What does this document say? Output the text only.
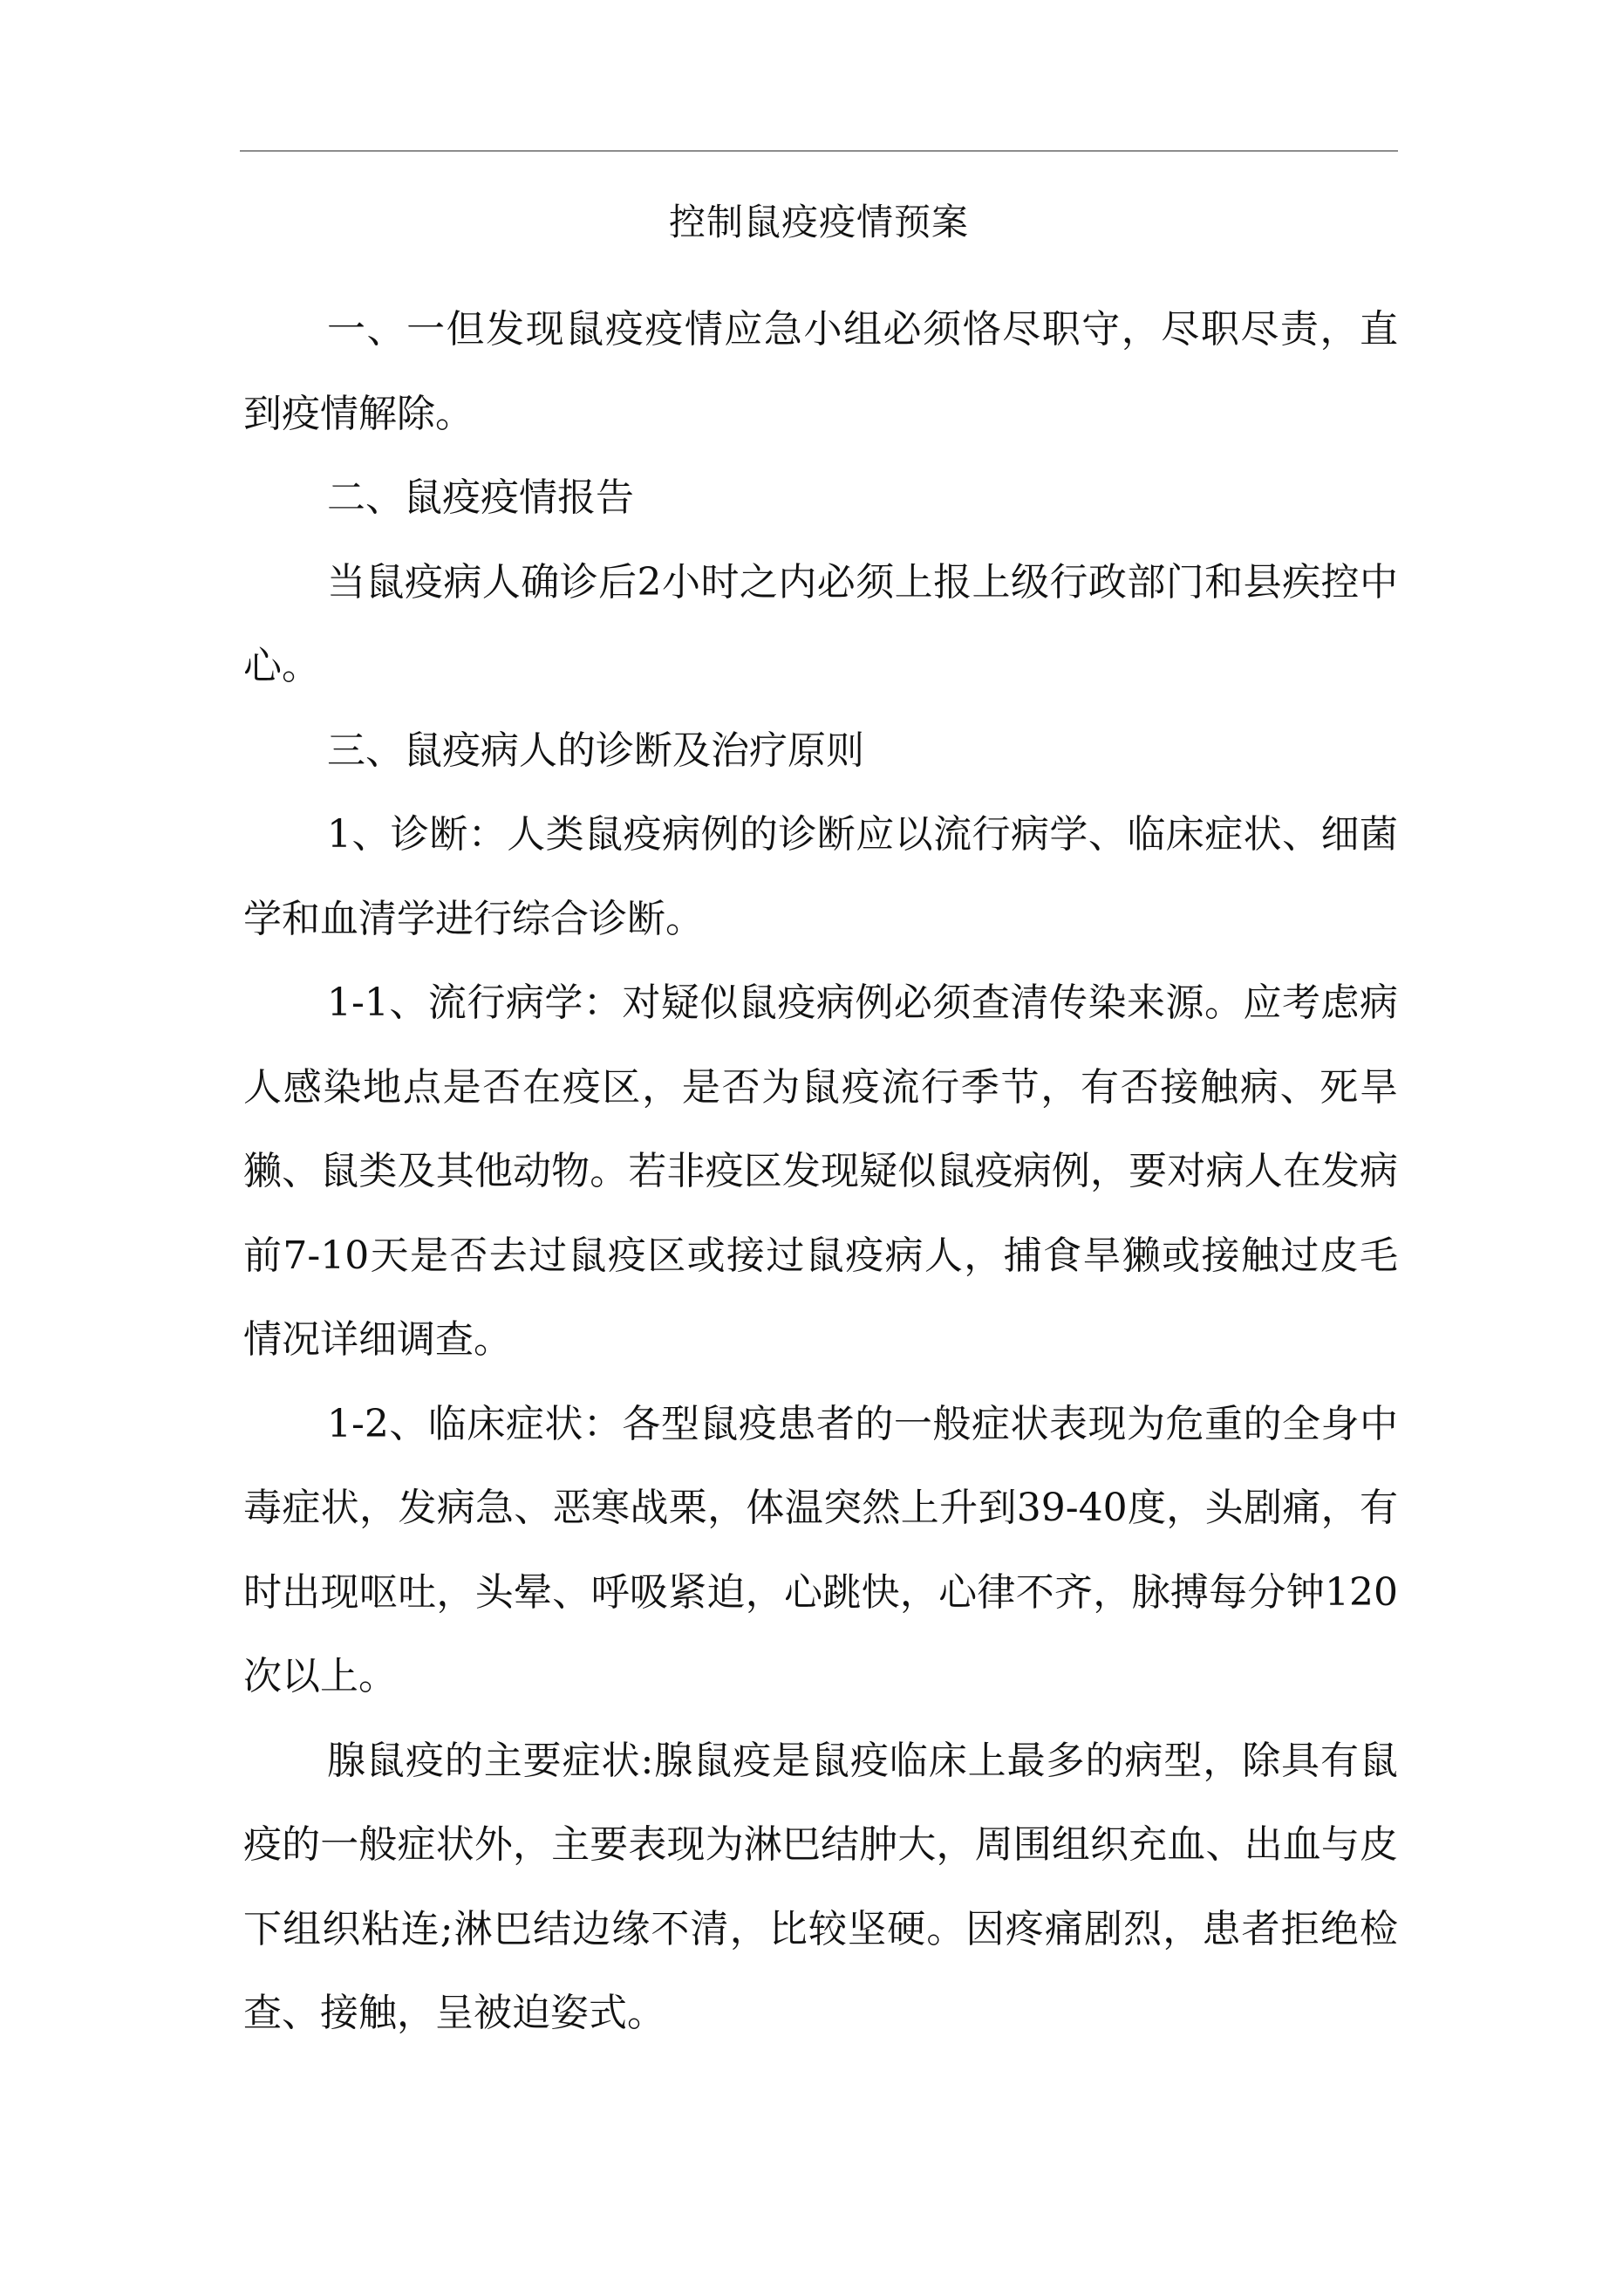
控制鼠疫疫情预案

一、一但发现鼠疫疫情应急小组必须恪尽职守，尽职尽责，直到疫情解除。

二、鼠疫疫情报告

当鼠疫病人确诊后2小时之内必须上报上级行政部门和县疾控中心。

三、鼠疫病人的诊断及治疗原则

1、诊断：人类鼠疫病例的诊断应以流行病学、临床症状、细菌学和血清学进行综合诊断。

1-1、流行病学：对疑似鼠疫病例必须查清传染来源。应考虑病人感染地点是否在疫区，是否为鼠疫流行季节，有否接触病、死旱獭、鼠类及其他动物。若非疫区发现疑似鼠疫病例，要对病人在发病前7-10天是否去过鼠疫区或接过鼠疫病人，捕食旱獭或接触过皮毛情况详细调查。

1-2、临床症状：各型鼠疫患者的一般症状表现为危重的全身中毒症状，发病急、恶寒战栗，体温突然上升到39-40度，头剧痛，有时出现呕吐，头晕、呼吸紧迫，心跳快，心律不齐，脉搏每分钟120次以上。

腺鼠疫的主要症状:腺鼠疫是鼠疫临床上最多的病型，除具有鼠疫的一般症状外，主要表现为淋巴结肿大，周围组织充血、出血与皮下组织粘连;淋巴结边缘不清，比较坚硬。因疼痛剧烈，患者拒绝检查、接触，呈被迫姿式。
